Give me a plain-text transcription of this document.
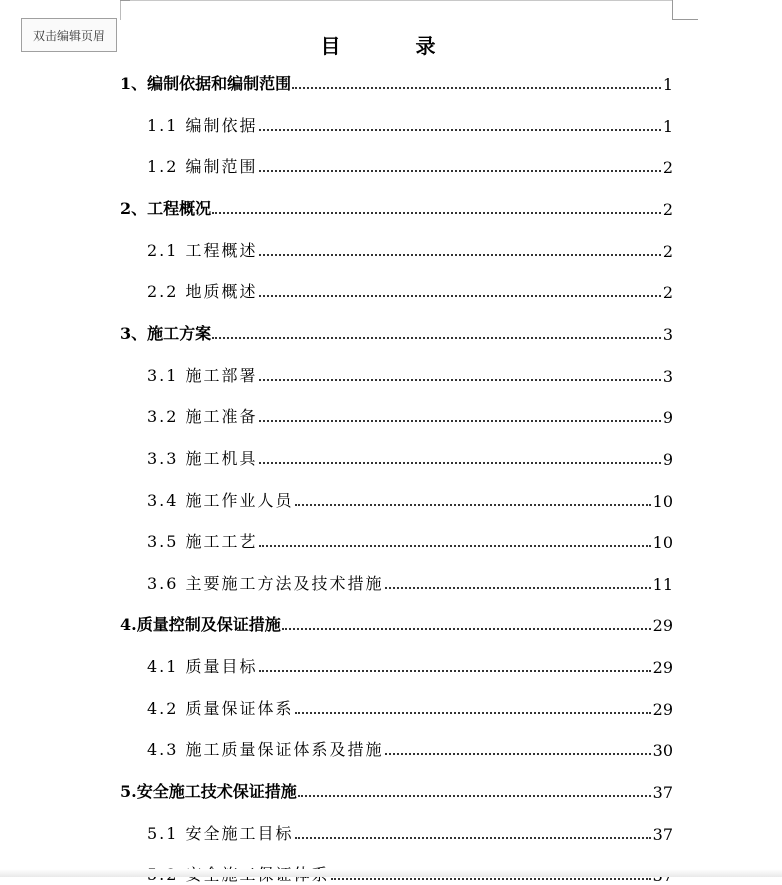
双击编辑页眉	目 录
1、编制依据和编制范围	1
1.1 编制依据	1
1.2 编制范围	2
2、工程概况	2
2.1 工程概述	2
2.2 地质概述	2
3、施工方案	3
3.1 施工部署	3
3.2 施工准备	9
3.3 施工机具	9
3.4 施工作业人员	10
3.5 施工工艺	10
3.6 主要施工方法及技术措施	11
4.质量控制及保证措施	29
4.1 质量目标	29
4.2 质量保证体系	29
4.3 施工质量保证体系及措施	30
5.安全施工技术保证措施	37
5.1 安全施工目标	37
